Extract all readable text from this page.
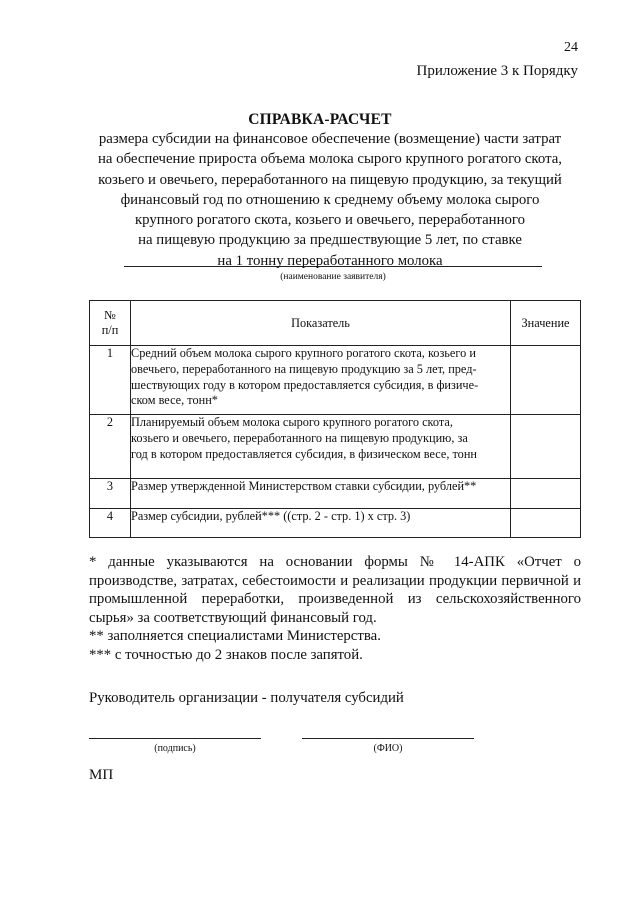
24
Приложение 3 к Порядку
СПРАВКА-РАСЧЕТ
размера субсидии на финансовое обеспечение (возмещение) части затрат
на обеспечение прироста объема молока сырого крупного рогатого скота,
козьего и овечьего, переработанного на пищевую продукцию, за текущий
финансовый год по отношению к среднему объему молока сырого
крупного рогатого скота, козьего и овечьего, переработанного
на пищевую продукцию за предшествующие 5 лет, по ставке
на 1 тонну переработанного молока
(наименование заявителя)
№
п/п	Показатель	Значение
1	Средний объем молока сырого крупного рогатого скота, козьего и
овечьего, переработанного на пищевую продукцию за 5 лет, пред-
шествующих году в котором предоставляется субсидия, в физиче-
ском весе, тонн*	

2	Планируемый объем молока сырого крупного рогатого скота,
козьего и овечьего, переработанного на пищевую продукцию, за
год в котором предоставляется субсидия, в физическом весе, тонн	

3	Размер утвержденной Министерством ставки субсидии, рублей**	

4	Размер субсидии, рублей*** ((стр. 2 - стр. 1) х стр. 3)	

* данные указываются на основании формы № 14-АПК «Отчет о производстве, затратах, себестоимости и реализации продукции первичной и промышленной переработки, произведенной из сельскохозяйственного сырья» за соответствующий финансовый год.
** заполняется специалистами Министерства.
*** с точностью до 2 знаков после запятой.
Руководитель организации - получателя субсидий
(подпись)	(ФИО)
МП
